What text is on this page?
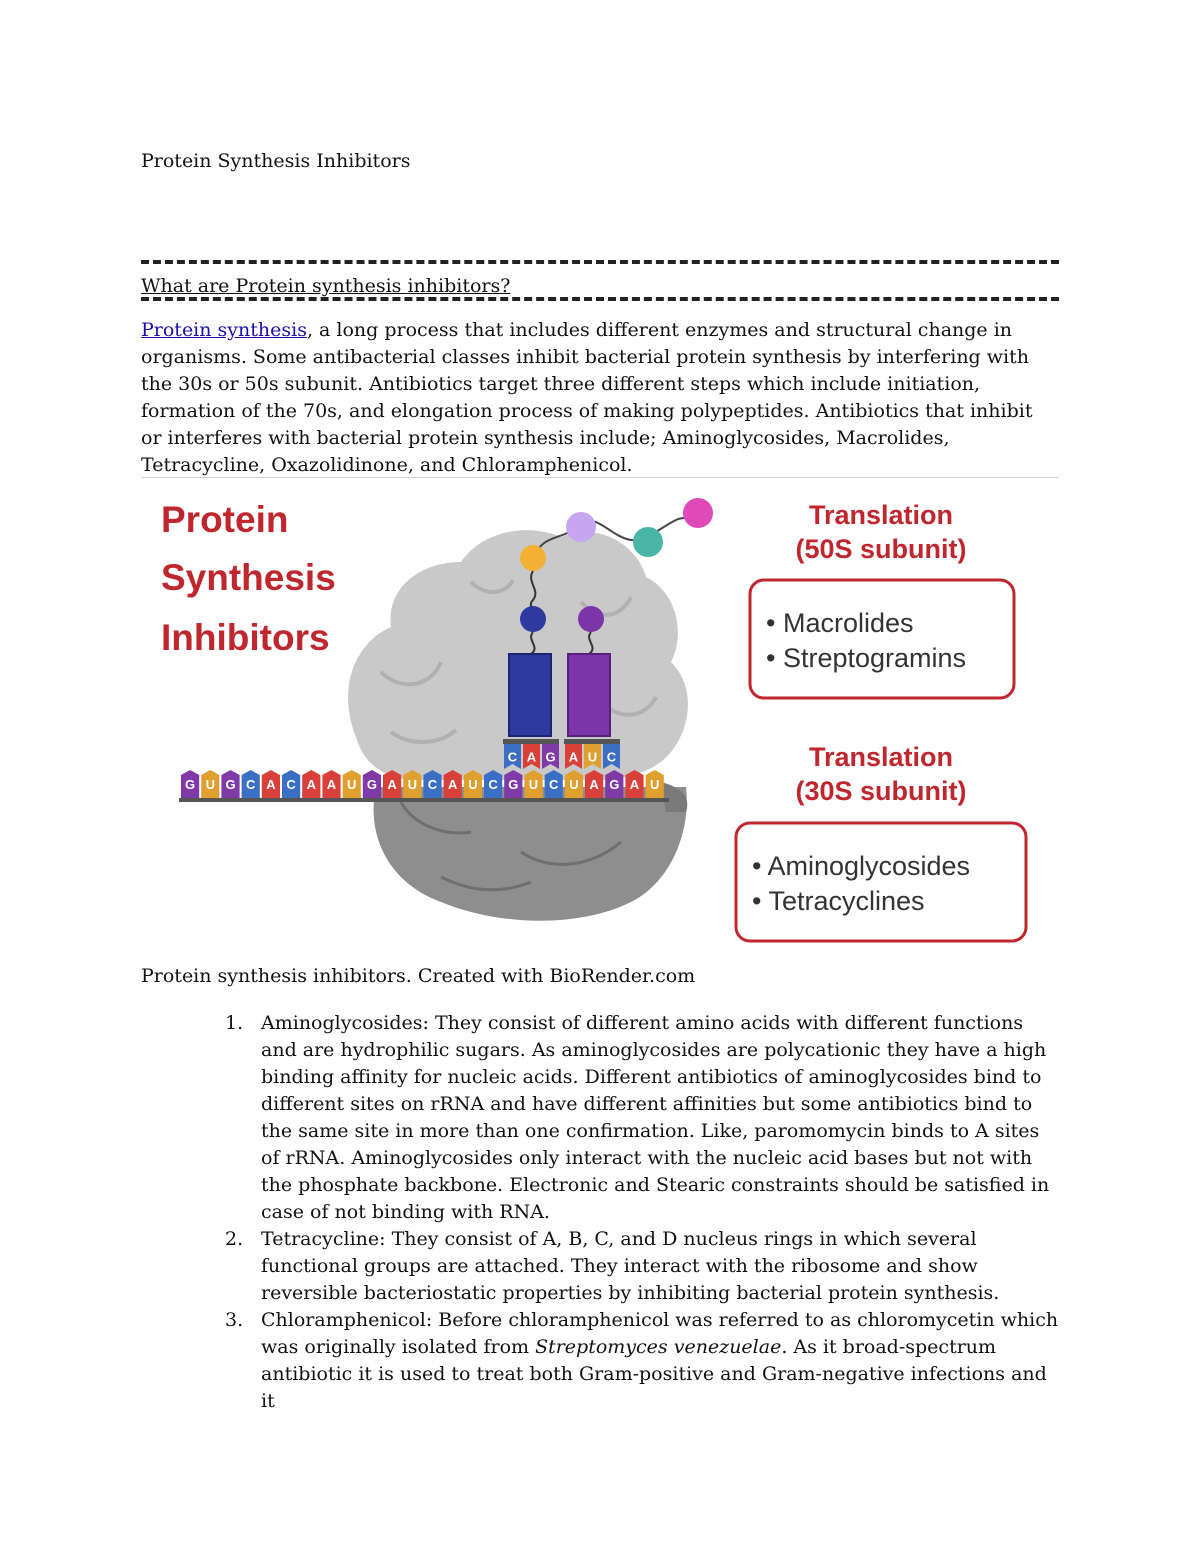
Protein Synthesis Inhibitors
What are Protein synthesis inhibitors?
Protein synthesis, a long process that includes different enzymes and structural change in organisms. Some antibacterial classes inhibit bacterial protein synthesis by interfering with the 30s or 50s subunit. Antibiotics target three different steps which include initiation, formation of the 70s, and elongation process of making polypeptides. Antibiotics that inhibit or interferes with bacterial protein synthesis include; Aminoglycosides, Macrolides, Tetracycline, Oxazolidinone, and Chloramphenicol.
Protein
Synthesis
Inhibitors
C A G A U C
G U G C A C A A U G A U C A U C G U C U A G A U
Translation
(50S subunit)
• Macrolides
• Streptogramins
Translation
(30S subunit)
• Aminoglycosides
• Tetracyclines
Protein synthesis inhibitors. Created with BioRender.com
1. Aminoglycosides: They consist of different amino acids with different functions and are hydrophilic sugars. As aminoglycosides are polycationic they have a high binding affinity for nucleic acids. Different antibiotics of aminoglycosides bind to different sites on rRNA and have different affinities but some antibiotics bind to the same site in more than one confirmation. Like, paromomycin binds to A sites of rRNA. Aminoglycosides only interact with the nucleic acid bases but not with the phosphate backbone. Electronic and Stearic constraints should be satisfied in case of not binding with RNA.
2. Tetracycline: They consist of A, B, C, and D nucleus rings in which several functional groups are attached. They interact with the ribosome and show reversible bacteriostatic properties by inhibiting bacterial protein synthesis.
3. Chloramphenicol: Before chloramphenicol was referred to as chloromycetin which was originally isolated from Streptomyces venezuelae. As it broad-spectrum antibiotic it is used to treat both Gram-positive and Gram-negative infections and it
